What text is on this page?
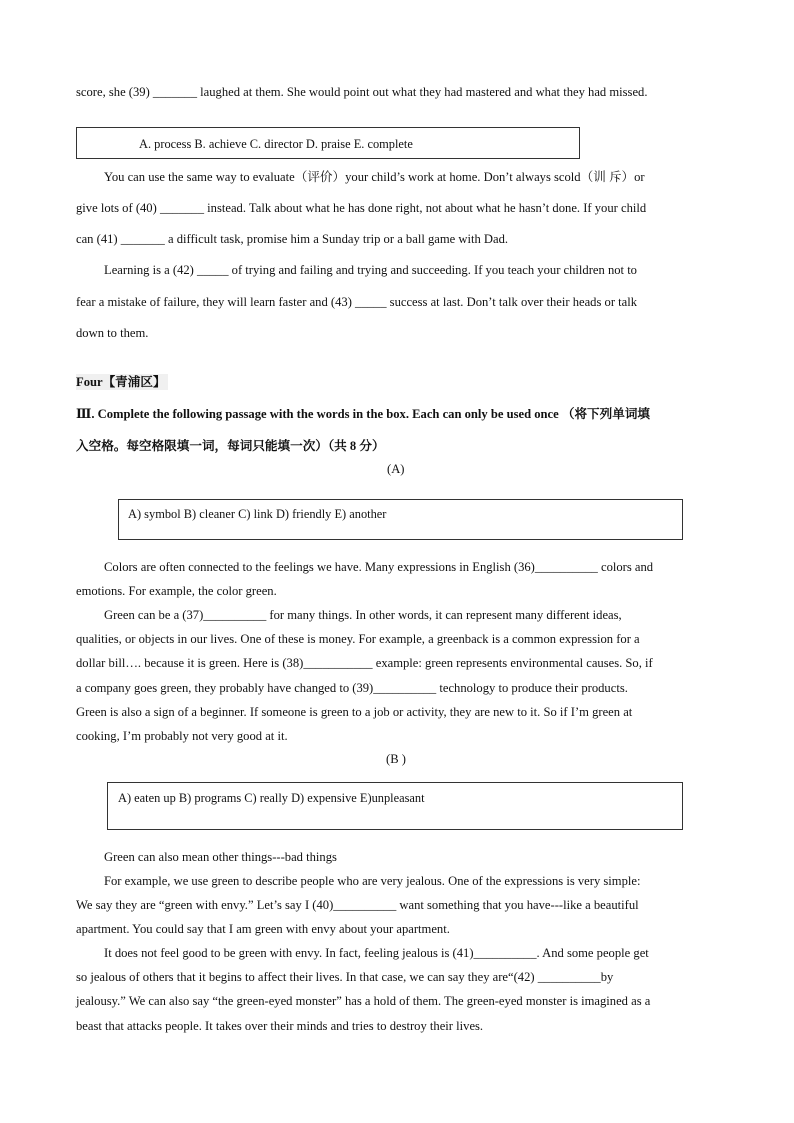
score, she (39) _______ laughed at them. She would point out what they had mastered and what they had missed.
A. process B. achieve C. director D. praise E. complete
You can use the same way to evaluate（评价）your child’s work at home. Don’t always scold（训 斥）or
give lots of (40) _______ instead. Talk about what he has done right, not about what he hasn’t done. If your child
can (41) _______ a difficult task, promise him a Sunday trip or a ball game with Dad.
Learning is a (42) _____ of trying and failing and trying and succeeding. If you teach your children not to
fear a mistake of failure, they will learn faster and (43) _____ success at last. Don’t talk over their heads or talk
down to them.
Four【青浦区】
Ⅲ. Complete the following passage with the words in the box. Each can only be used once （将下列单词填
入空格。每空格限填一词，每词只能填一次）（共 8 分）
(A)
A) symbol B) cleaner C) link D) friendly E) another
Colors are often connected to the feelings we have. Many expressions in English (36)__________ colors and
emotions. For example, the color green.
Green can be a (37)__________ for many things. In other words, it can represent many different ideas,
qualities, or objects in our lives. One of these is money. For example, a greenback is a common expression for a
dollar bill…. because it is green. Here is (38)___________ example: green represents environmental causes. So, if
a company goes green, they probably have changed to (39)__________ technology to produce their products.
Green is also a sign of a beginner. If someone is green to a job or activity, they are new to it. So if I’m green at
cooking, I’m probably not very good at it.
(B )
A) eaten up B) programs C) really D) expensive E)unpleasant
Green can also mean other things---bad things
For example, we use green to describe people who are very jealous. One of the expressions is very simple:
We say they are “green with envy.” Let’s say I (40)__________ want something that you have---like a beautiful
apartment. You could say that I am green with envy about your apartment.
It does not feel good to be green with envy. In fact, feeling jealous is (41)__________. And some people get
so jealous of others that it begins to affect their lives. In that case, we can say they are“(42) __________by
jealousy.” We can also say “the green-eyed monster” has a hold of them. The green-eyed monster is imagined as a
beast that attacks people. It takes over their minds and tries to destroy their lives.
